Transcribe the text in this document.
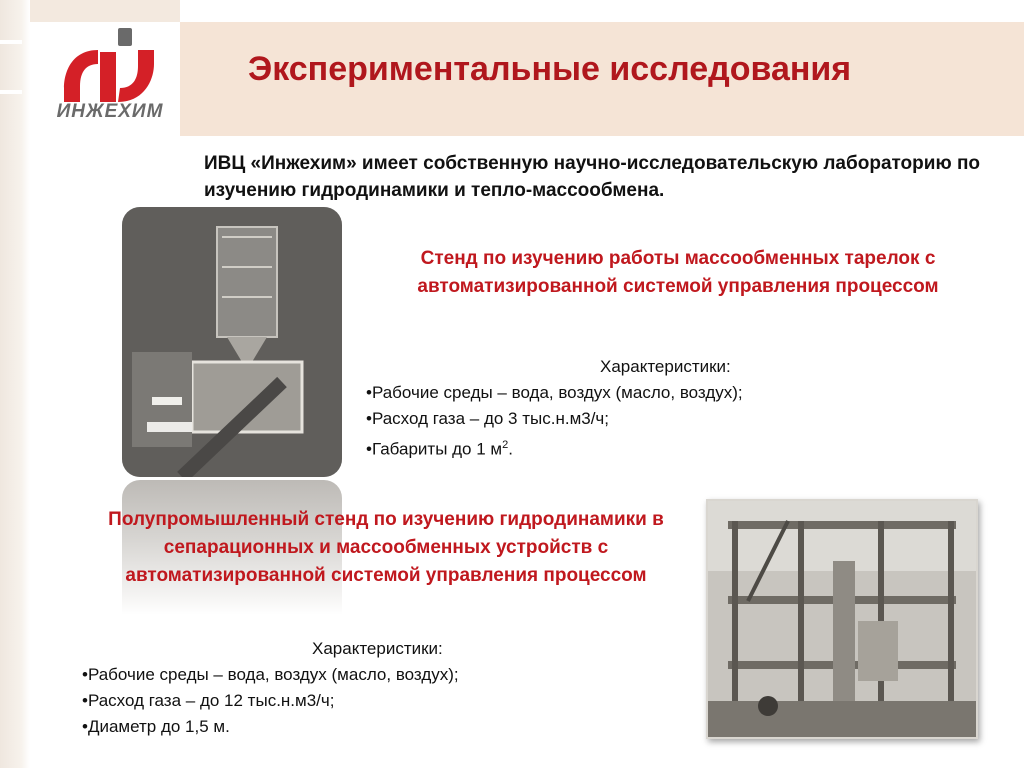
ИНЖЕХИМ
Экспериментальные исследования
ИВЦ «Инжехим» имеет собственную научно-исследовательскую лабораторию по изучению гидродинамики и тепло-массообмена.
Стенд по изучению работы массообменных тарелок с автоматизированной системой управления процессом
Характеристики:
•Рабочие среды – вода, воздух (масло, воздух);
•Расход газа – до 3 тыс.н.м3/ч;
•Габариты до 1 $м^2$.
Полупромышленный стенд по изучению гидродинамики в сепарационных и массообменных устройств с автоматизированной системой управления процессом
Характеристики:
•Рабочие среды – вода, воздух (масло, воздух);
•Расход газа – до 12 тыс.н.м3/ч;
•Диаметр до 1,5 м.
